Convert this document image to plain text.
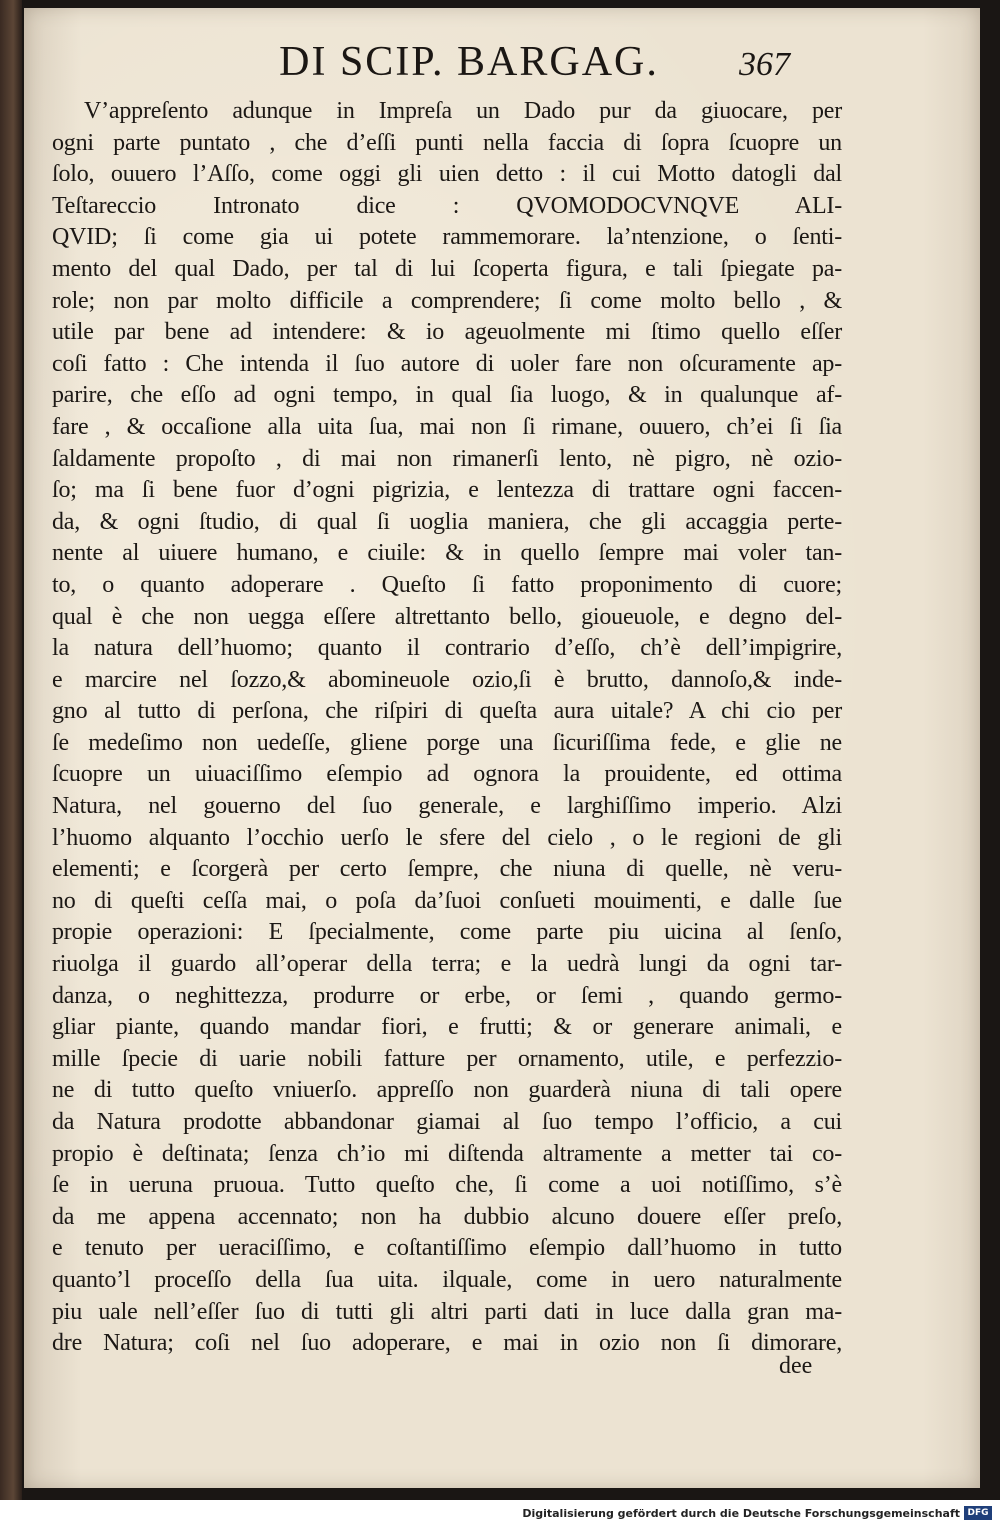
DI SCIP. BARGAG.	367
V’appreſento adunque in Impreſa un Dado pur da giuocare, per
ogni parte puntato , che d’eſſi punti nella faccia di ſopra ſcuopre un
ſolo, ouuero l’Aſſo, come oggi gli uien detto : il cui Motto datogli dal
Teſtareccio Intronato dice : QVOMODOCVNQVE ALI-
QVID; ſi come gia ui potete rammemorare. la’ntenzione, o ſenti-
mento del qual Dado, per tal di lui ſcoperta figura, e tali ſpiegate pa-
role; non par molto difficile a comprendere; ſi come molto bello , &
utile par bene ad intendere: & io ageuolmente mi ſtimo quello eſſer
coſi fatto : Che intenda il ſuo autore di uoler fare non oſcuramente ap-
parire, che eſſo ad ogni tempo, in qual ſia luogo, & in qualunque af-
fare , & occaſione alla uita ſua, mai non ſi rimane, ouuero, ch’ei ſi ſia
ſaldamente propoſto , di mai non rimanerſi lento, nè pigro, nè ozio-
ſo; ma ſi bene fuor d’ogni pigrizia, e lentezza di trattare ogni faccen-
da, & ogni ſtudio, di qual ſi uoglia maniera, che gli accaggia perte-
nente al uiuere humano, e ciuile: & in quello ſempre mai voler tan-
to, o quanto adoperare . Queſto ſi fatto proponimento di cuore;
qual è che non uegga eſſere altrettanto bello, gioueuole, e degno del-
la natura dell’huomo; quanto il contrario d’eſſo, ch’è dell’impigrire,
e marcire nel ſozzo,& abomineuole ozio,ſi è brutto, dannoſo,& inde-
gno al tutto di perſona, che riſpiri di queſta aura uitale? A chi cio per
ſe medeſimo non uedeſſe, gliene porge una ſicuriſſima fede, e glie ne
ſcuopre un uiuaciſſimo eſempio ad ognora la prouidente, ed ottima
Natura, nel gouerno del ſuo generale, e larghiſſimo imperio. Alzi
l’huomo alquanto l’occhio uerſo le sfere del cielo , o le regioni de gli
elementi; e ſcorgerà per certo ſempre, che niuna di quelle, nè veru-
no di queſti ceſſa mai, o poſa da’ſuoi conſueti mouimenti, e dalle ſue
propie operazioni: E ſpecialmente, come parte piu uicina al ſenſo,
riuolga il guardo all’operar della terra; e la uedrà lungi da ogni tar-
danza, o neghittezza, produrre or erbe, or ſemi , quando germo-
gliar piante, quando mandar fiori, e frutti; & or generare animali, e
mille ſpecie di uarie nobili fatture per ornamento, utile, e perfezzio-
ne di tutto queſto vniuerſo. appreſſo non guarderà niuna di tali opere
da Natura prodotte abbandonar giamai al ſuo tempo l’officio, a cui
propio è deſtinata; ſenza ch’io mi diſtenda altramente a metter tai co-
ſe in ueruna pruoua. Tutto queſto che, ſi come a uoi notiſſimo, s’è
da me appena accennato; non ha dubbio alcuno douere eſſer preſo,
e tenuto per ueraciſſimo, e coſtantiſſimo eſempio dall’huomo in tutto
quanto’l proceſſo della ſua uita. ilquale, come in uero naturalmente
piu uale nell’eſſer ſuo di tutti gli altri parti dati in luce dalla gran ma-
dre Natura; coſi nel ſuo adoperare, e mai in ozio non ſi dimorare,
dee
Digitalisierung gefördert durch die Deutsche Forschungsgemeinschaft DFG
